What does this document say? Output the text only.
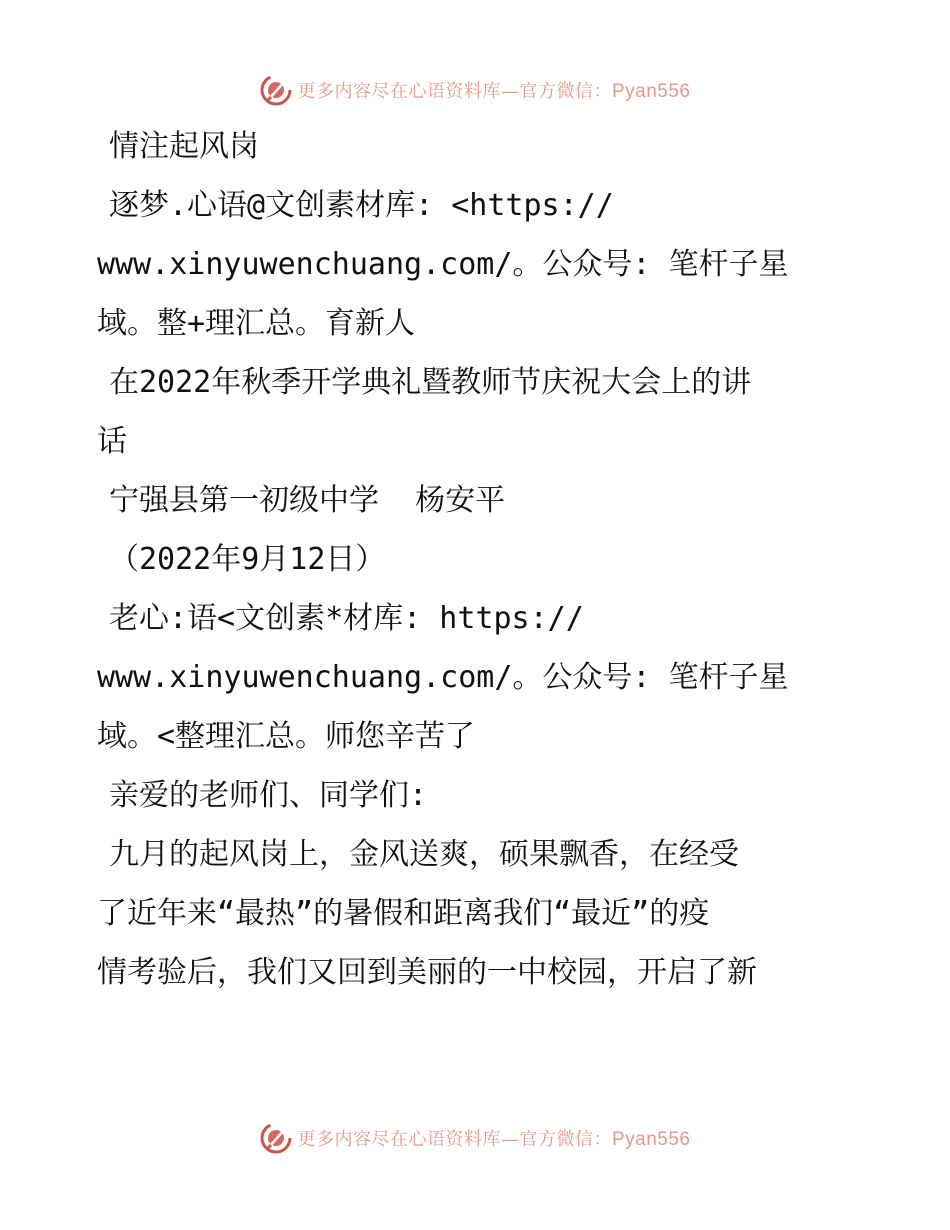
更多内容尽在心语资料库—官方微信：Pyan556

情注起风岗

逐梦.心语@文创素材库: <https://

www.xinyuwenchuang.com/。公众号: 笔杆子星

域。整+理汇总。育新人

在2022年秋季开学典礼暨教师节庆祝大会上的讲

话

宁强县第一初级中学  杨安平

（2022年9月12日）

老心:语<文创素*材库: https://

www.xinyuwenchuang.com/。公众号: 笔杆子星

域。<整理汇总。师您辛苦了

亲爱的老师们、同学们:

九月的起风岗上，金风送爽，硕果飘香，在经受

了近年来“最热”的暑假和距离我们“最近”的疫

情考验后，我们又回到美丽的一中校园，开启了新

更多内容尽在心语资料库—官方微信：Pyan556
